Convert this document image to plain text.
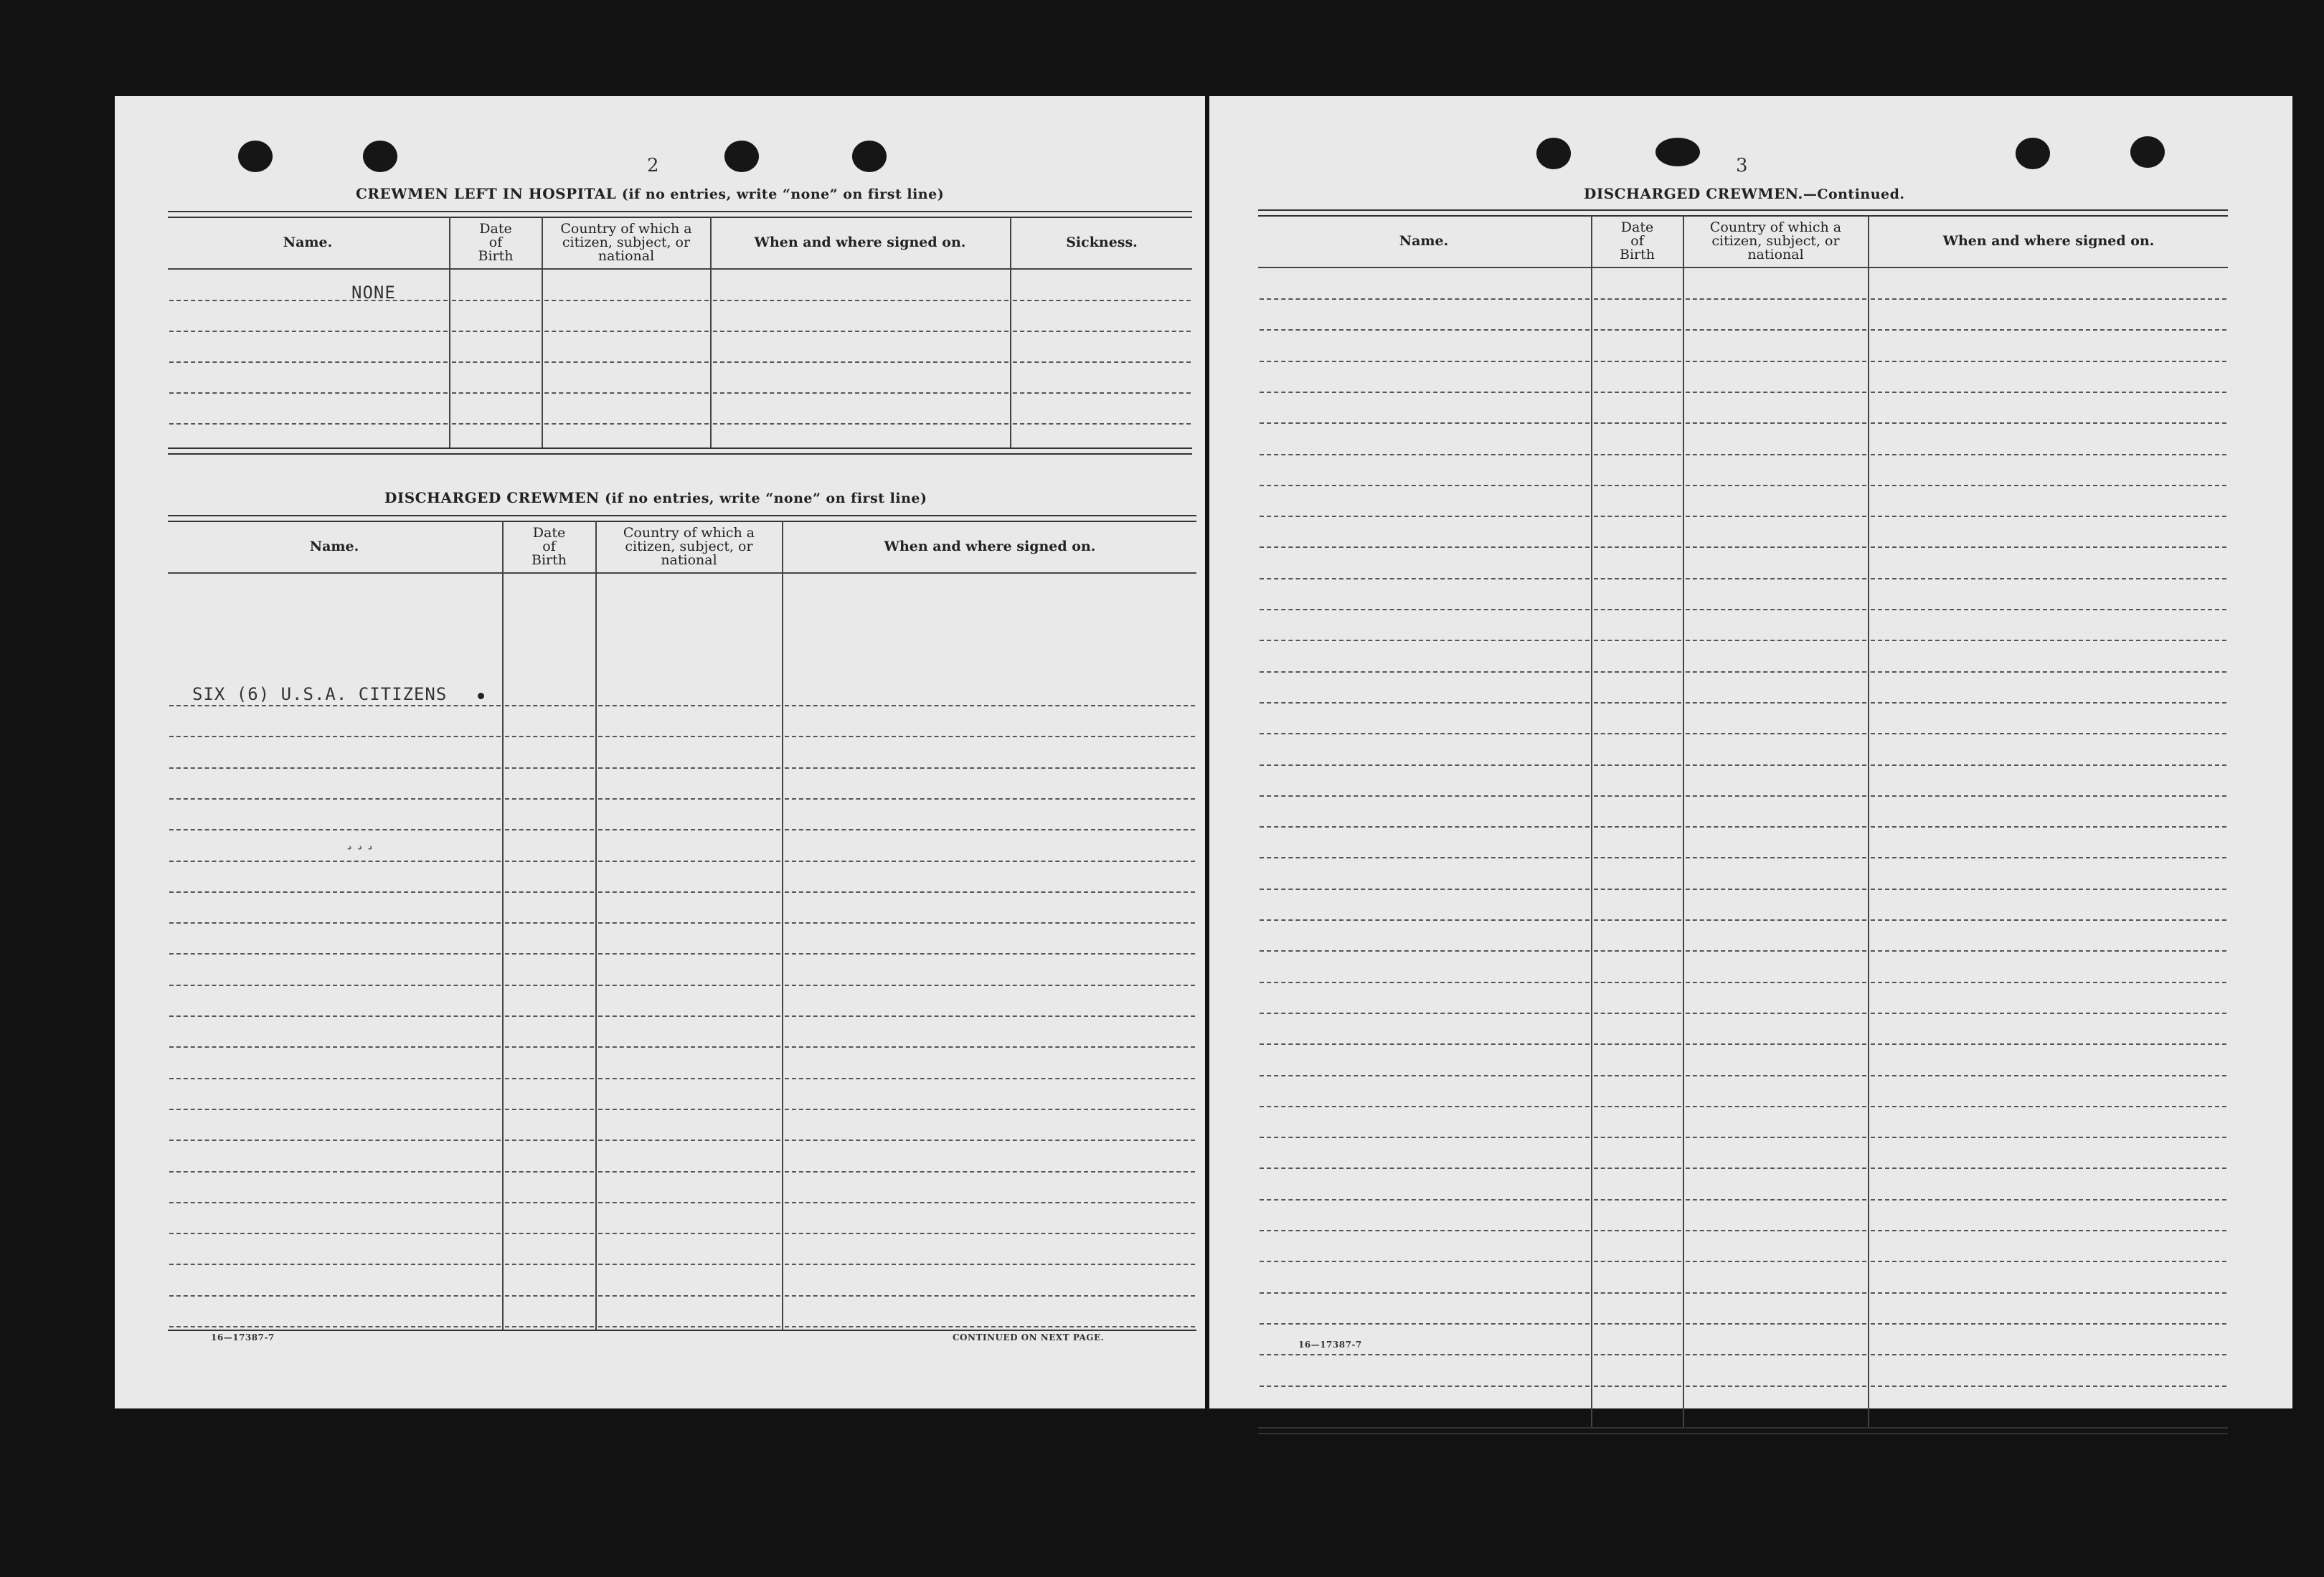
2
CREWMEN LEFT IN HOSPITAL (if no entries, write “none” on first line)
Name.
Date
of
Birth
Country of which a
citizen, subject, or
national
When and where signed on.	Sickness.
NONE
DISCHARGED CREWMEN (if no entries, write “none” on first line)
Name.
Date
of
Birth
Country of which a
citizen, subject, or
national
When and where signed on.
SIX (6) U.S.A. CITIZENS
¸¸¸
16—17387-7	CONTINUED ON NEXT PAGE.
3
DISCHARGED CREWMEN.—Continued.
Name.
Date
of
Birth
Country of which a
citizen, subject, or
national
When and where signed on.
16—17387-7
